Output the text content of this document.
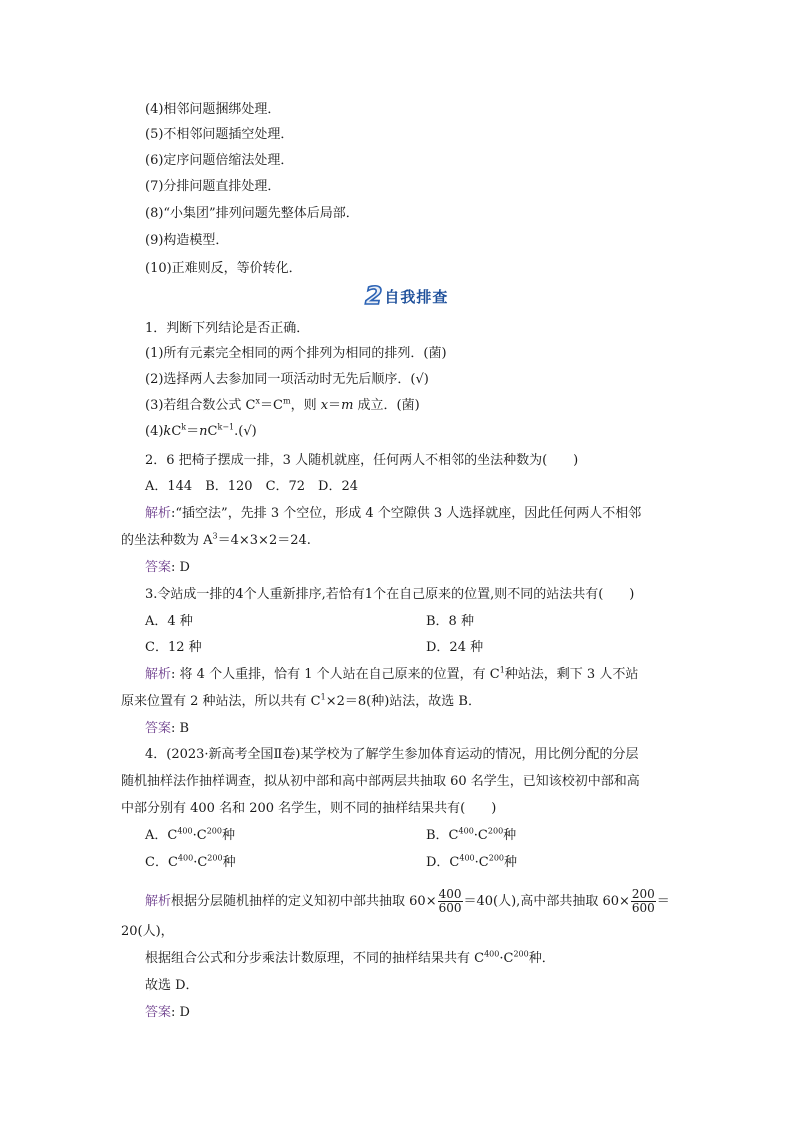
(4)相邻问题捆绑处理．
(5)不相邻问题插空处理．
(6)定序问题倍缩法处理．
(7)分排问题直排处理．
(8)“小集团”排列问题先整体后局部．
(9)构造模型．
(10)正难则反，等价转化．
2 自我排查
1．判断下列结论是否正确．
(1)所有元素完全相同的两个排列为相同的排列．(菌)
(2)选择两人去参加同一项活动时无先后顺序．(√)
(3)若组合数公式 $C^x=C^m$，则 x＝m 成立．(菌)
$(4)kC^k=nC^{k-1}.(√)$
2．6 把椅子摆成一排，3 人随机就座，任何两人不相邻的坐法种数为(　　)
A．144　B．120　C．72　D．24
解析:“插空法”，先排 3 个空位，形成 4 个空隙供 3 人选择就座，因此任何两人不相邻
的坐法种数为 $A^3=4\times 3\times 2=24$.
答案: D
3.令站成一排的4个人重新排序,若恰有1个在自己原来的位置,则不同的站法共有(　　)
A．4 种	B．8 种
C．12 种	D．24 种
解析: 将 4 个人重排，恰有 1 个人站在自己原来的位置，有 $C^1$种站法，剩下 3 人不站
原来位置有 2 种站法，所以共有 $C^1\times 2=8$(种)站法，故选 B．
答案: B
4．(2023·新高考全国Ⅱ卷)某学校为了解学生参加体育运动的情况，用比例分配的分层
随机抽样法作抽样调查，拟从初中部和高中部两层共抽取 60 名学生，已知该校初中部和高
中部分别有 400 名和 200 名学生，则不同的抽样结果共有(　　)
A．$C^{400}\cdot C^{200}$种	B．$C^{400}\cdot C^{200}$种
C．$C^{400}\cdot C^{200}$种	D．$C^{400}\cdot C^{200}$种
解析根据分层随机抽样的定义知初中部共抽取 $60\times \frac{400}{600} =40$(人),高中部共抽取 $60\times \frac{200}{600}$ ＝
20(人)，
根据组合公式和分步乘法计数原理，不同的抽样结果共有 $C^{400}\cdot C^{200}$种．
故选 D．
答案: D
